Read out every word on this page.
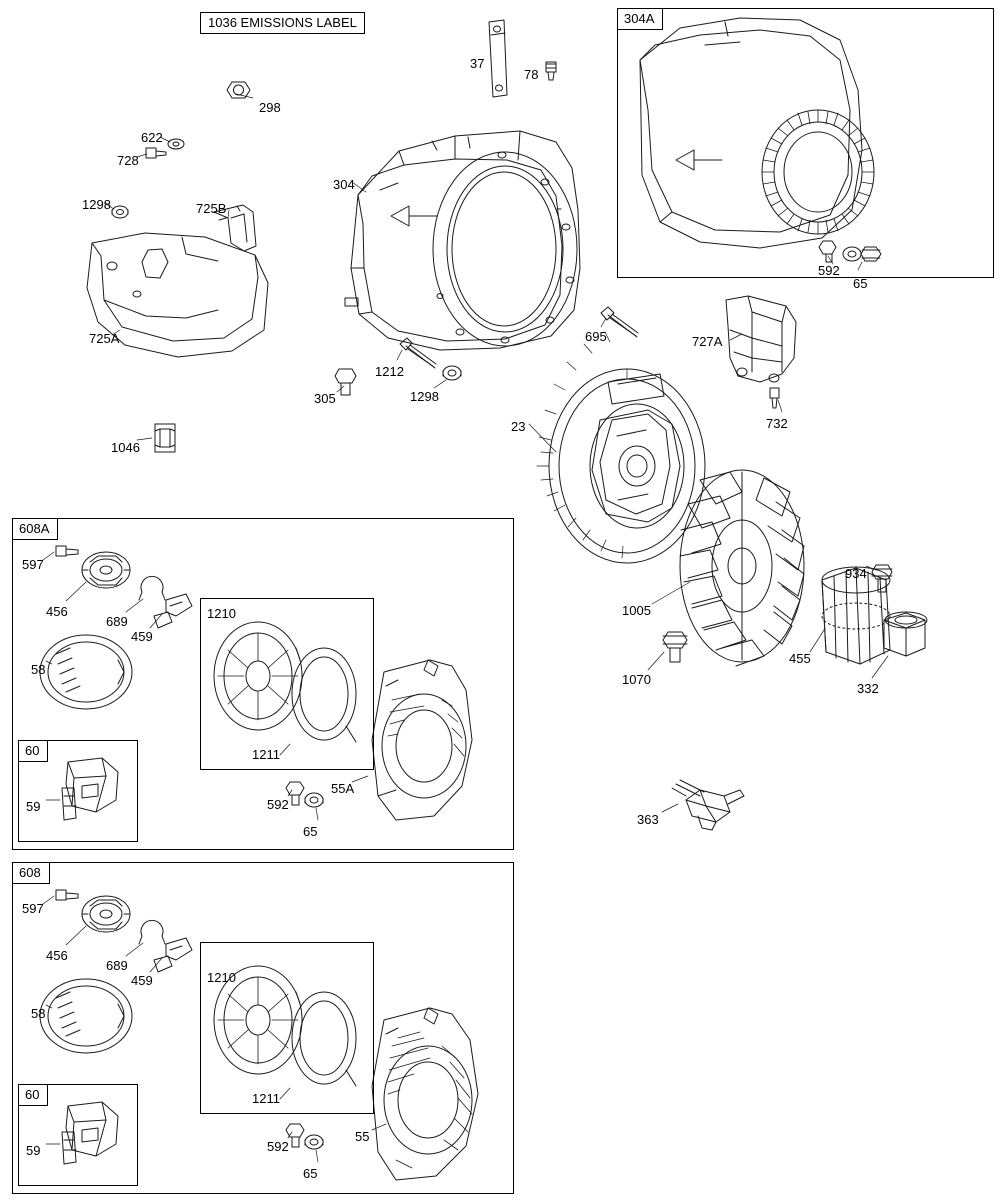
304A
608A
60
608
60
1036 EMISSIONS LABEL
37
78
298
622
728
304
1298	725B
592
65
725A	695	727A
1212
305	1298
732
23
1046
597
934
456
689
1005
1210
459
58
455
1070
332
1211
55A
592
59
363
65
597
456
689
1210
459
58
1211
59
55
592
65
